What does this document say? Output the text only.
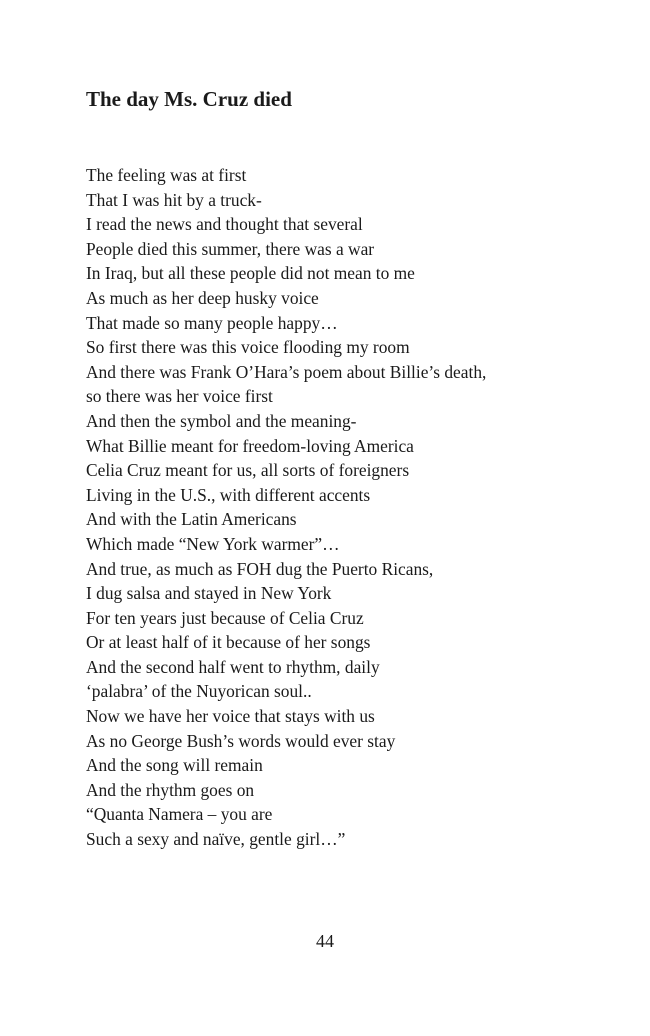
The day Ms. Cruz died
The feeling was at first
That I was hit by a truck-
I read the news and thought that several
People died this summer, there was a war
In Iraq, but all these people did not mean to me
As much as her deep husky voice
That made so many people happy…
So first there was this voice flooding my room
And there was Frank O’Hara’s poem about Billie’s death,
so there was her voice first
And then the symbol and the meaning-
What Billie meant for freedom-loving America
Celia Cruz meant for us, all sorts of foreigners
Living in the U.S., with different accents
And with the Latin Americans
Which made “New York warmer”…
And true, as much as FOH dug the Puerto Ricans,
I dug salsa and stayed in New York
For ten years just because of Celia Cruz
Or at least half of it because of her songs
And the second half went to rhythm, daily
‘palabra’ of the Nuyorican soul..
Now we have her voice that stays with us
As no George Bush’s words would ever stay
And the song will remain
And the rhythm goes on
“Quanta Namera – you are
Such a sexy and naïve, gentle girl…”
44
